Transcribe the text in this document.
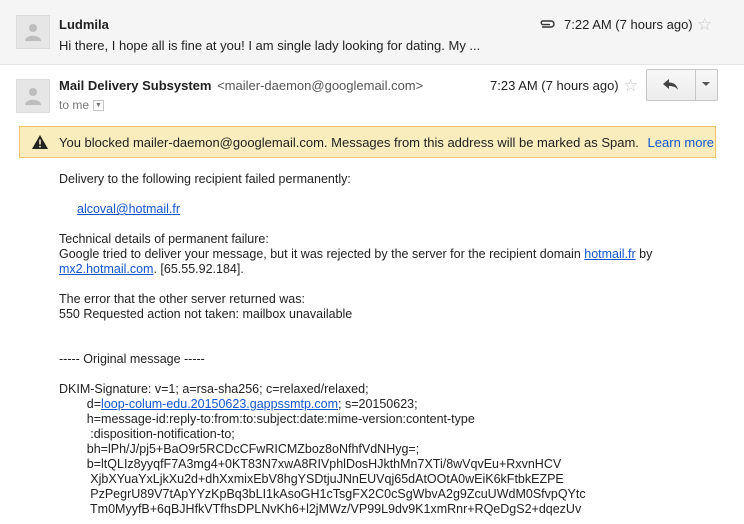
Ludmila
Hi there, I hope all is fine at you! I am single lady looking for dating. My ...
7:22 AM (7 hours ago) ☆
Mail Delivery Subsystem <mailer-daemon@googlemail.com>
to me ▼
7:23 AM (7 hours ago) ☆
You blocked mailer-daemon@googlemail.com. Messages from this address will be marked as Spam. Learn more

Delivery to the following recipient failed permanently:

alcoval@hotmail.fr

Technical details of permanent failure:

Google tried to deliver your message, but it was rejected by the server for the recipient domain hotmail.fr by

mx2.hotmail.com. [65.55.92.184].

The error that the other server returned was:

550 Requested action not taken: mailbox unavailable

----- Original message -----

DKIM-Signature: v=1; a=rsa-sha256; c=relaxed/relaxed;
d=loop-colum-edu.20150623.gappssmtp.com; s=20150623;
h=message-id:reply-to:from:to:subject:date:mime-version:content-type
:disposition-notification-to;
bh=lPh/J/pj5+BaO9r5RCDcCFwRICMZboz8oNfhfVdNHyg=;
b=ltQLIz8yyqfF7A3mg4+0KT83N7xwA8RIVphlDosHJkthMn7XTi/8wVqvEu+RxvnHCV
XjbXYuaYxLjkXu2d+dhXxmixEbV8hgYSDtjuJNnEUVqj65dAtOOtA0wEiK6kFtbkEZPE
PzPegrU89V7tApYYzKpBq3bLI1kAsoGH1cTsgFX2C0cSgWbvA2g9ZcuUWdM0SfvpQYtc
Tm0MyyfB+6qBJHfkVTfhsDPLNvKh6+l2jMWz/VP99L9dv9K1xmRnr+RQeDgS2+dqezUv
